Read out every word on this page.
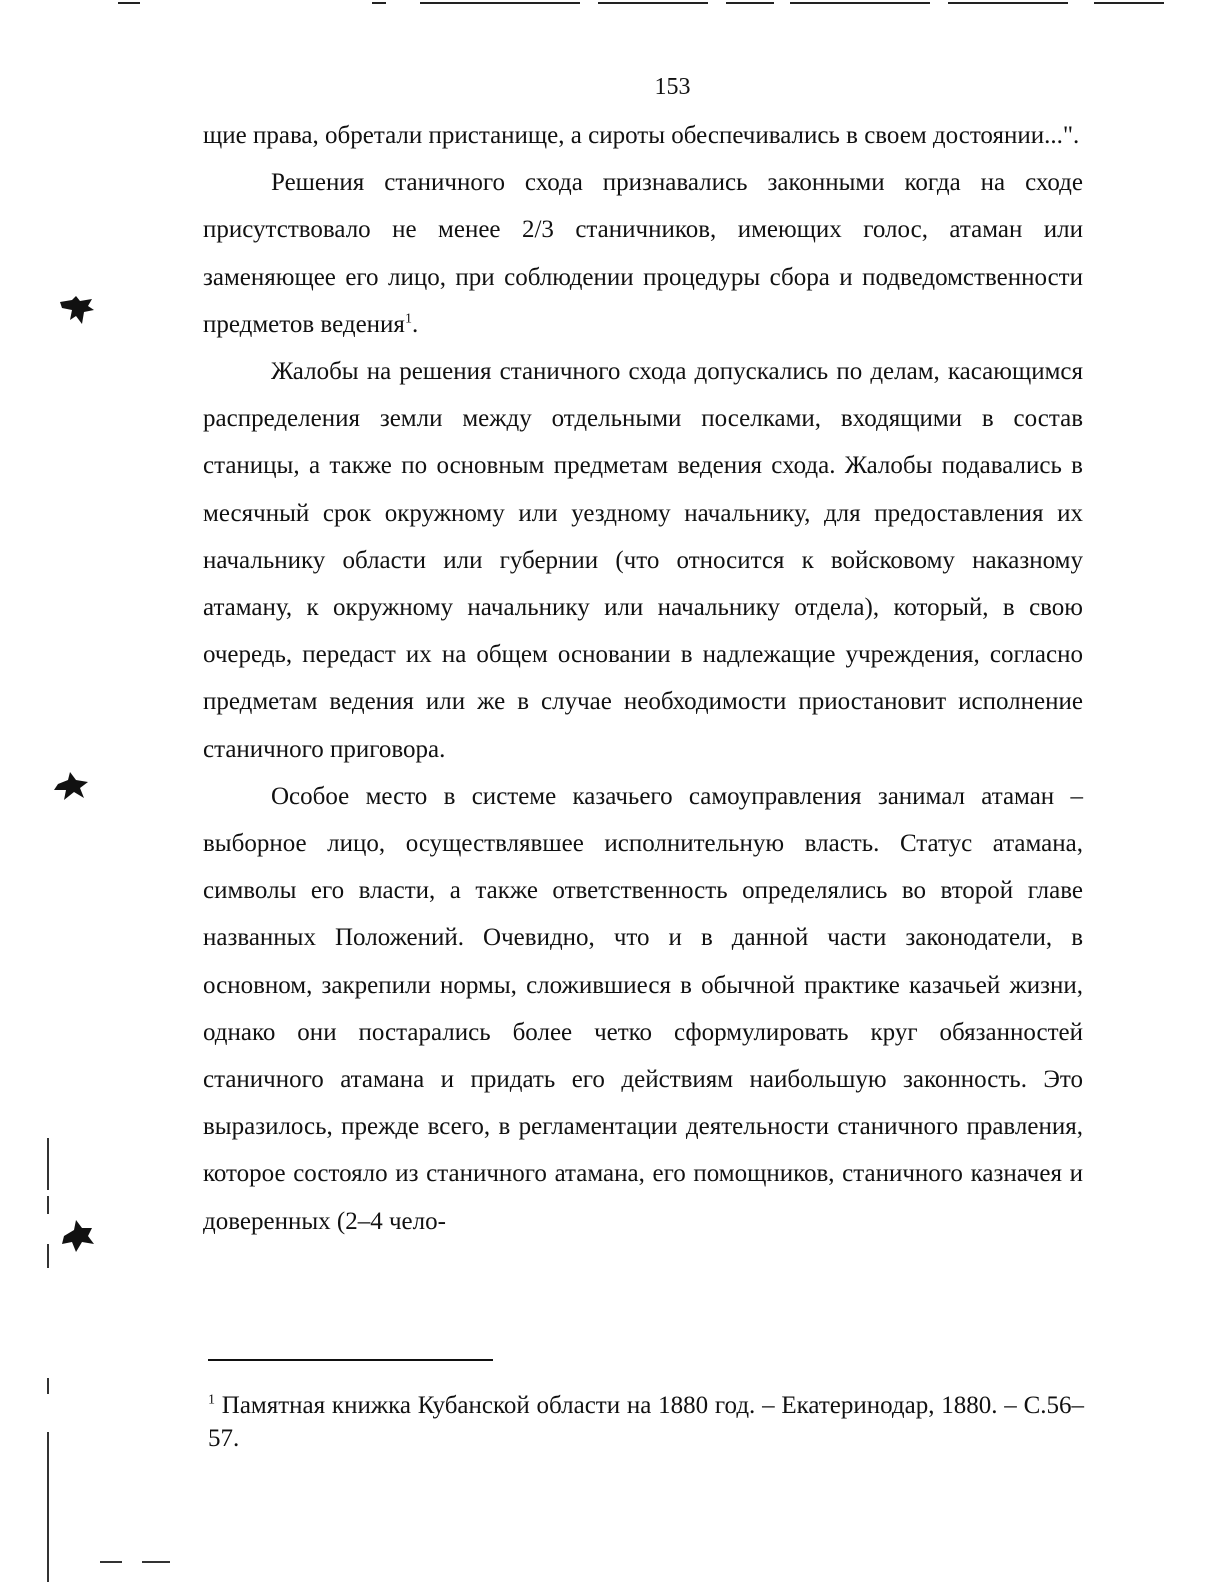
153

щие права, обретали пристанище, а сироты обеспечивались в своем достоянии...".

Решения станичного схода признавались законными когда на сходе присутствовало не менее 2/3 станичников, имеющих голос, атаман или заменяющее его лицо, при соблюдении процедуры сбора и подведомственности предметов ведения$^1$.

Жалобы на решения станичного схода допускались по делам, касающимся распределения земли между отдельными поселками, входящими в состав станицы, а также по основным предметам ведения схода. Жалобы подавались в месячный срок окружному или уездному начальнику, для предоставления их начальнику области или губернии (что относится к войсковому наказному атаману, к окружному начальнику или начальнику отдела), который, в свою очередь, передаст их на общем основании в надлежащие учреждения, согласно предметам ведения или же в случае необходимости приостановит исполнение станичного приговора.

Особое место в системе казачьего самоуправления занимал атаман – выборное лицо, осуществлявшее исполнительную власть. Статус атамана, символы его власти, а также ответственность определялись во второй главе названных Положений. Очевидно, что и в данной части законодатели, в основном, закрепили нормы, сложившиеся в обычной практике казачьей жизни, однако они постарались более четко сформулировать круг обязанностей станичного атамана и придать его действиям наибольшую законность. Это выразилось, прежде всего, в регламентации деятельности станичного правления, которое состояло из станичного атамана, его помощников, станичного казначея и доверенных (2–4 чело-

$^1$ Памятная книжка Кубанской области на 1880 год. – Екатеринодар, 1880. – С.56–57.
